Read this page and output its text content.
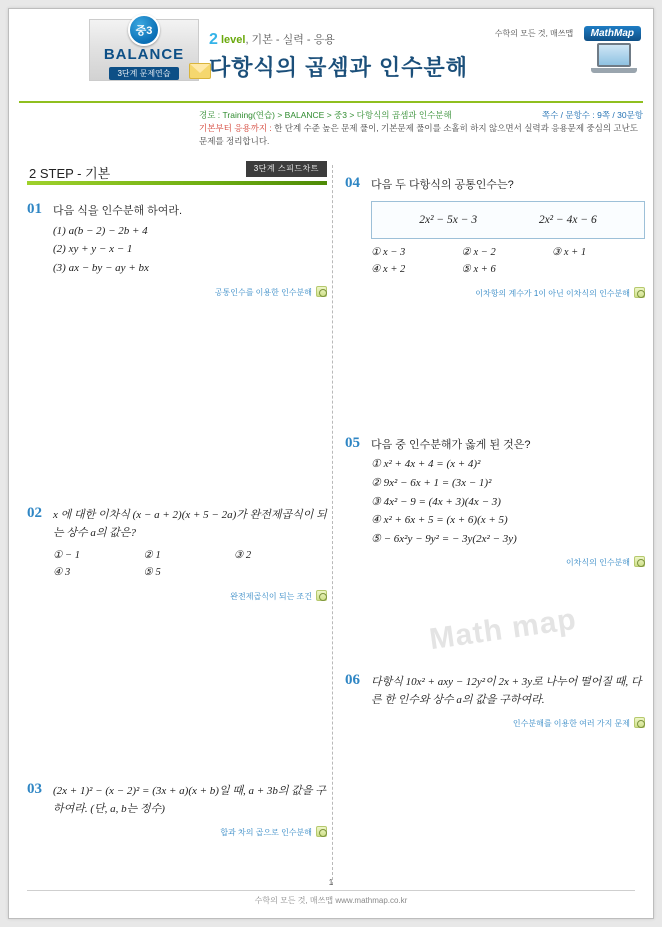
중3
BALANCE
3단계 문제연습
2 level, 기본 - 실력 - 응용
다항식의 곱셈과 인수분해
수학의 모든 것, 매쓰맵 MathMap
쪽수 / 문항수 : 9쪽 / 30문항
경로 : Training(연습) > BALANCE > 중3 > 다항식의 곱셈과 인수분해
기본부터 응용까지 : 한 단계 수준 높은 문제 풀이, 기본문제 풀이를 소홀히 하지 않으면서 실력과 응용문제 중심의 고난도 문제를 정리합니다.
Math map
2 STEP - 기본	3단계 스피드차트
01 다음 식을 인수분해 하여라.
(1) a(b − 2) − 2b + 4
(2) xy + y − x − 1
(3) ax − by − ay + bx
공통인수를 이용한 인수분해
02 x 에 대한 이차식 (x − a + 2)(x + 5 − 2a)가 완전제곱식이 되는 상수 a의 값은?
① − 1	② 1	③ 2
④ 3	⑤ 5
완전제곱식이 되는 조건
03 (2x + 1)² − (x − 2)² = (3x + a)(x + b)일 때, a + 3b의 값을 구하여라. (단, a, b는 정수)
합과 차의 곱으로 인수분해
04 다음 두 다항식의 공통인수는?
2x² − 5x − 3	2x² − 4x − 6
① x − 3	② x − 2	③ x + 1
④ x + 2	⑤ x + 6
이차항의 계수가 1이 아닌 이차식의 인수분해
05 다음 중 인수분해가 옳게 된 것은?
① x² + 4x + 4 = (x + 4)²
② 9x² − 6x + 1 = (3x − 1)²
③ 4x² − 9 = (4x + 3)(4x − 3)
④ x² + 6x + 5 = (x + 6)(x + 5)
⑤ − 6x²y − 9y² = − 3y(2x² − 3y)
이차식의 인수분해
06 다항식 10x² + axy − 12y²이 2x + 3y로 나누어 떨어질 때, 다른 한 인수와 상수 a의 값을 구하여라.
인수분해를 이용한 여러 가지 문제
1
수학의 모든 것, 매쓰맵 www.mathmap.co.kr
